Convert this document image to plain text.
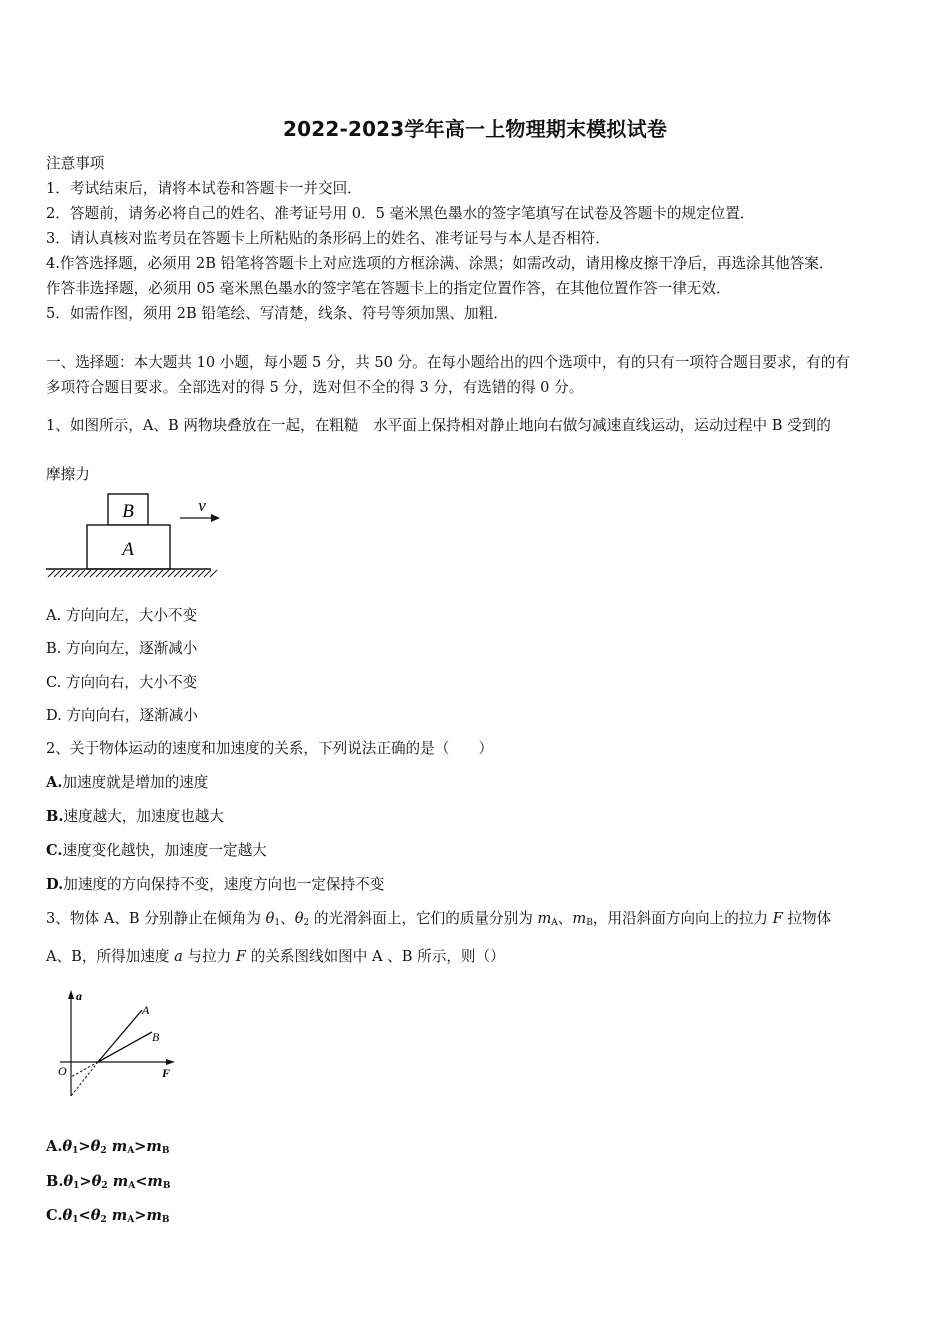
2022-2023学年高一上物理期末模拟试卷
注意事项
1．考试结束后，请将本试卷和答题卡一并交回．
2．答题前，请务必将自己的姓名、准考证号用 0．5 毫米黑色墨水的签字笔填写在试卷及答题卡的规定位置．
3．请认真核对监考员在答题卡上所粘贴的条形码上的姓名、准考证号与本人是否相符．
4.作答选择题，必须用 2B 铅笔将答题卡上对应选项的方框涂满、涂黑；如需改动，请用橡皮擦干净后，再选涂其他答案．
作答非选择题，必须用 05 毫米黑色墨水的签字笔在答题卡上的指定位置作答，在其他位置作答一律无效．
5．如需作图，须用 2B 铅笔绘、写清楚，线条、符号等须加黑、加粗．
一、选择题：本大题共 10 小题，每小题 5 分，共 50 分。在每小题给出的四个选项中，有的只有一项符合题目要求，有的有
多项符合题目要求。全部选对的得 5 分，选对但不全的得 3 分，有选错的得 0 分。
1、如图所示，A、B 两物块叠放在一起，在粗糙　水平面上保持相对静止地向右做匀减速直线运动，运动过程中 B 受到的
摩擦力
B
A
v
A. 方向向左，大小不变
B. 方向向左，逐渐减小
C. 方向向右，大小不变
D. 方向向右，逐渐减小
2、关于物体运动的速度和加速度的关系，下列说法正确的是（　　）
A.加速度就是增加的速度
B.速度越大，加速度也越大
C.速度变化越快，加速度一定越大
D.加速度的方向保持不变，速度方向也一定保持不变
3、物体 A、B 分别静止在倾角为 $\theta_1$、$\theta_2$ 的光滑斜面上，它们的质量分别为 $m_A$、$m_B$，用沿斜面方向向上的拉力 F 拉物体
A、B，所得加速度 a 与拉力 F 的关系图线如图中 A 、B 所示，则（）
a
F
O
A
B
$A.\theta_1>\theta_2$ $m_A>m_B$
$B.\theta_1>\theta_2$ $m_A<m_B$
$C.\theta_1<\theta_2$ $m_A>m_B$
